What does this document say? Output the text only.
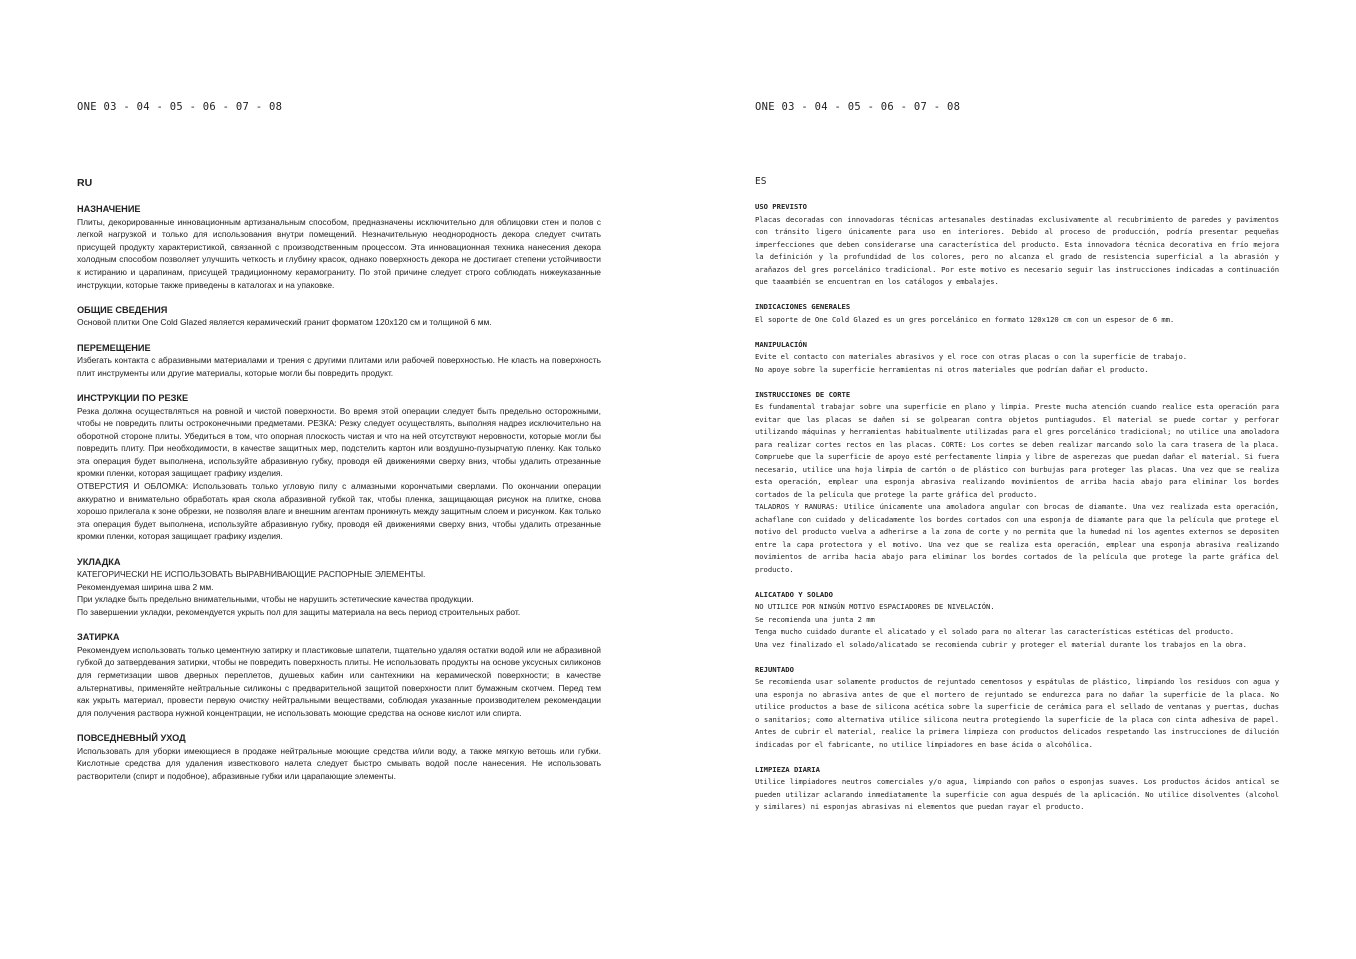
ONE 03 - 04 - 05 - 06 - 07 - 08
RU

НАЗНАЧЕНИЕ

Плиты, декорированные инновационным артизанальным способом, предназначены исключительно для облицовки стен и полов с легкой нагрузкой и только для использования внутри помещений. Незначительную неоднородность декора следует считать присущей продукту характеристикой, связанной с производственным процессом. Эта инновационная техника нанесения декора холодным способом позволяет улучшить четкость и глубину красок, однако поверхность декора не достигает степени устойчивости к истиранию и царапинам, присущей традиционному керамограниту. По этой причине следует строго соблюдать нижеуказанные инструкции, которые также приведены в каталогах и на упаковке.

ОБЩИЕ СВЕДЕНИЯ

Основой плитки One Cold Glazed является керамический гранит форматом 120x120 см и толщиной 6 мм.

ПЕРЕМЕЩЕНИЕ

Избегать контакта с абразивными материалами и трения с другими плитами или рабочей поверхностью. Не класть на поверхность плит инструменты или другие материалы, которые могли бы повредить продукт.

ИНСТРУКЦИИ ПО РЕЗКЕ

Резка должна осуществляться на ровной и чистой поверхности. Во время этой операции следует быть предельно осторожными, чтобы не повредить плиты остроконечными предметами. РЕЗКА: Резку следует осуществлять, выполняя надрез исключительно на оборотной стороне плиты. Убедиться в том, что опорная плоскость чистая и что на ней отсутствуют неровности, которые могли бы повредить плиту. При необходимости, в качестве защитных мер, подстелить картон или воздушно-пузырчатую пленку. Как только эта операция будет выполнена, используйте абразивную губку, проводя ей движениями сверху вниз, чтобы удалить отрезанные кромки пленки, которая защищает графику изделия.

ОТВЕРСТИЯ И ОБЛОМКА: Использовать только угловую пилу с алмазными корончатыми сверлами. По окончании операции аккуратно и внимательно обработать края скола абразивной губкой так, чтобы пленка, защищающая рисунок на плитке, снова хорошо прилегала к зоне обрезки, не позволяя влаге и внешним агентам проникнуть между защитным слоем и рисунком. Как только эта операция будет выполнена, используйте абразивную губку, проводя ей движениями сверху вниз, чтобы удалить отрезанные кромки пленки, которая защищает графику изделия.

УКЛАДКА

КАТЕГОРИЧЕСКИ НЕ ИСПОЛЬЗОВАТЬ ВЫРАВНИВАЮЩИЕ РАСПОРНЫЕ ЭЛЕМЕНТЫ.
Рекомендуемая ширина шва 2 мм.
При укладке быть предельно внимательными, чтобы не нарушить эстетические качества продукции.
По завершении укладки, рекомендуется укрыть пол для защиты материала на весь период строительных работ.

ЗАТИРКА

Рекомендуем использовать только цементную затирку и пластиковые шпатели, тщательно удаляя остатки водой или не абразивной губкой до затвердевания затирки, чтобы не повредить поверхность плиты. Не использовать продукты на основе уксусных силиконов для герметизации швов дверных переплетов, душевых кабин или сантехники на керамической поверхности; в качестве альтернативы, применяйте нейтральные силиконы с предварительной защитой поверхности плит бумажным скотчем. Перед тем как укрыть материал, провести первую очистку нейтральными веществами, соблюдая указанные производителем рекомендации для получения раствора нужной концентрации, не использовать моющие средства на основе кислот или спирта.

ПОВСЕДНЕВНЫЙ УХОД

Использовать для уборки имеющиеся в продаже нейтральные моющие средства и/или воду, а также мягкую ветошь или губки. Кислотные средства для удаления известкового налета следует быстро смывать водой после нанесения. Не использовать растворители (спирт и подобное), абразивные губки или царапающие элементы.

ONE 03 - 04 - 05 - 06 - 07 - 08
ES

USO PREVISTO

Placas decoradas con innovadoras técnicas artesanales destinadas exclusivamente al recubrimiento de paredes y pavimentos con tránsito ligero únicamente para uso en interiores. Debido al proceso de producción, podría presentar pequeñas imperfecciones que deben considerarse una característica del producto. Esta innovadora técnica decorativa en frío mejora la definición y la profundidad de los colores, pero no alcanza el grado de resistencia superficial a la abrasión y arañazos del gres porcelánico tradicional. Por este motivo es necesario seguir las instrucciones indicadas a continuación que taaambién se encuentran en los catálogos y embalajes.

INDICACIONES GENERALES

El soporte de One Cold Glazed es un gres porcelánico en formato 120x120 cm con un espesor de 6 mm.

MANIPULACIÓN

Evite el contacto con materiales abrasivos y el roce con otras placas o con la superficie de trabajo.
No apoye sobre la superficie herramientas ni otros materiales que podrían dañar el producto.

INSTRUCCIONES DE CORTE

Es fundamental trabajar sobre una superficie en plano y limpia. Preste mucha atención cuando realice esta operación para evitar que las placas se dañen si se golpearan contra objetos puntiagudos. El material se puede cortar y perforar utilizando máquinas y herramientas habitualmente utilizadas para el gres porcelánico tradicional; no utilice una amoladora para realizar cortes rectos en las placas. CORTE: Los cortes se deben realizar marcando solo la cara trasera de la placa. Compruebe que la superficie de apoyo esté perfectamente limpia y libre de asperezas que puedan dañar el material. Si fuera necesario, utilice una hoja limpia de cartón o de plástico con burbujas para proteger las placas. Una vez que se realiza esta operación, emplear una esponja abrasiva realizando movimientos de arriba hacia abajo para eliminar los bordes cortados de la película que protege la parte gráfica del producto.

TALADROS Y RANURAS: Utilice únicamente una amoladora angular con brocas de diamante. Una vez realizada esta operación, achaflane con cuidado y delicadamente los bordes cortados con una esponja de diamante para que la película que protege el motivo del producto vuelva a adherirse a la zona de corte y no permita que la humedad ni los agentes externos se depositen entre la capa protectora y el motivo. Una vez que se realiza esta operación, emplear una esponja abrasiva realizando movimientos de arriba hacia abajo para eliminar los bordes cortados de la película que protege la parte gráfica del producto.

ALICATADO Y SOLADO

NO UTILICE POR NINGÚN MOTIVO ESPACIADORES DE NIVELACIÓN.
Se recomienda una junta 2 mm
Tenga mucho cuidado durante el alicatado y el solado para no alterar las características estéticas del producto.
Una vez finalizado el solado/alicatado se recomienda cubrir y proteger el material durante los trabajos en la obra.

REJUNTADO

Se recomienda usar solamente productos de rejuntado cementosos y espátulas de plástico, limpiando los residuos con agua y una esponja no abrasiva antes de que el mortero de rejuntado se endurezca para no dañar la superficie de la placa. No utilice productos a base de silicona acética sobre la superficie de cerámica para el sellado de ventanas y puertas, duchas o sanitarios; como alternativa utilice silicona neutra protegiendo la superficie de la placa con cinta adhesiva de papel. Antes de cubrir el material, realice la primera limpieza con productos delicados respetando las instrucciones de dilución indicadas por el fabricante, no utilice limpiadores en base ácida o alcohólica.

LIMPIEZA DIARIA

Utilice limpiadores neutros comerciales y/o agua, limpiando con paños o esponjas suaves. Los productos ácidos antical se pueden utilizar aclarando inmediatamente la superficie con agua después de la aplicación. No utilice disolventes (alcohol y similares) ni esponjas abrasivas ni elementos que puedan rayar el producto.
